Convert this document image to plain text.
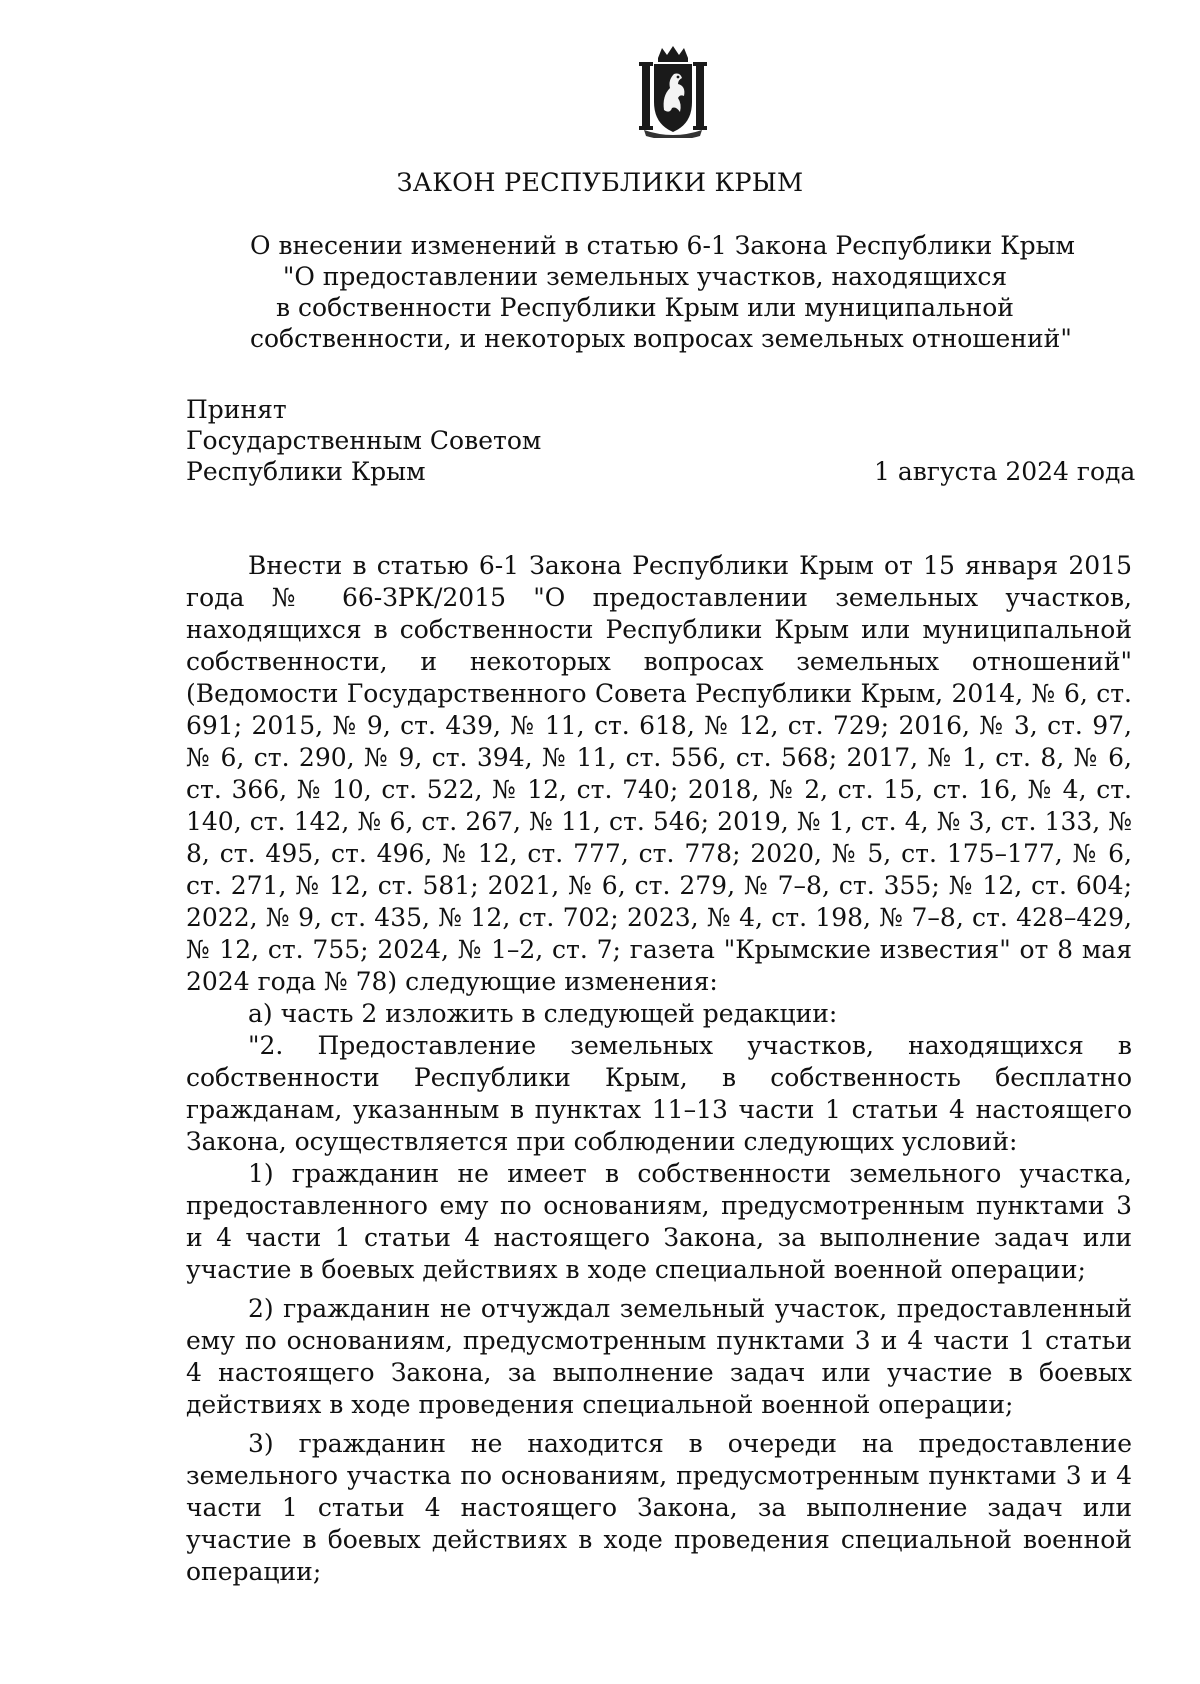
ЗАКОН РЕСПУБЛИКИ КРЫМ
О внесении изменений в статью 6-1 Закона Республики Крым
"О предоставлении земельных участков, находящихся
в собственности Республики Крым или муниципальной
собственности, и некоторых вопросах земельных отношений"
Принят
Государственным Советом
Республики Крым	1 августа 2024 года

Внести в статью 6-1 Закона Республики Крым от 15 января 2015 года № 66-ЗРК/2015 "О предоставлении земельных участков, находящихся в собственности Республики Крым или муниципальной собственности, и некоторых вопросах земельных отношений" (Ведомости Государственного Совета Республики Крым, 2014, № 6, ст. 691; 2015, № 9, ст. 439, № 11, ст. 618, № 12, ст. 729; 2016, № 3, ст. 97, № 6, ст. 290, № 9, ст. 394, № 11, ст. 556, ст. 568; 2017, № 1, ст. 8, № 6, ст. 366, № 10, ст. 522, № 12, ст. 740; 2018, № 2, ст. 15, ст. 16, № 4, ст. 140, ст. 142, № 6, ст. 267, № 11, ст. 546; 2019, № 1, ст. 4, № 3, ст. 133, № 8, ст. 495, ст. 496, № 12, ст. 777, ст. 778; 2020, № 5, ст. 175–177, № 6, ст. 271, № 12, ст. 581; 2021, № 6, ст. 279, № 7–8, ст. 355; № 12, ст. 604; 2022, № 9, ст. 435, № 12, ст. 702; 2023, № 4, ст. 198, № 7–8, ст. 428–429, № 12, ст. 755; 2024, № 1–2, ст. 7; газета "Крымские известия" от 8 мая 2024 года № 78) следующие изменения:

а) часть 2 изложить в следующей редакции:

"2. Предоставление земельных участков, находящихся в собственности Республики Крым, в собственность бесплатно гражданам, указанным в пунктах 11–13 части 1 статьи 4 настоящего Закона, осуществляется при соблюдении следующих условий:

1) гражданин не имеет в собственности земельного участка, предоставленного ему по основаниям, предусмотренным пунктами 3 и 4 части 1 статьи 4 настоящего Закона, за выполнение задач или участие в боевых действиях в ходе специальной военной операции;

2) гражданин не отчуждал земельный участок, предоставленный ему по основаниям, предусмотренным пунктами 3 и 4 части 1 статьи 4 настоящего Закона, за выполнение задач или участие в боевых действиях в ходе проведения специальной военной операции;

3) гражданин не находится в очереди на предоставление земельного участка по основаниям, предусмотренным пунктами 3 и 4 части 1 статьи 4 настоящего Закона, за выполнение задач или участие в боевых действиях в ходе проведения специальной военной операции;
